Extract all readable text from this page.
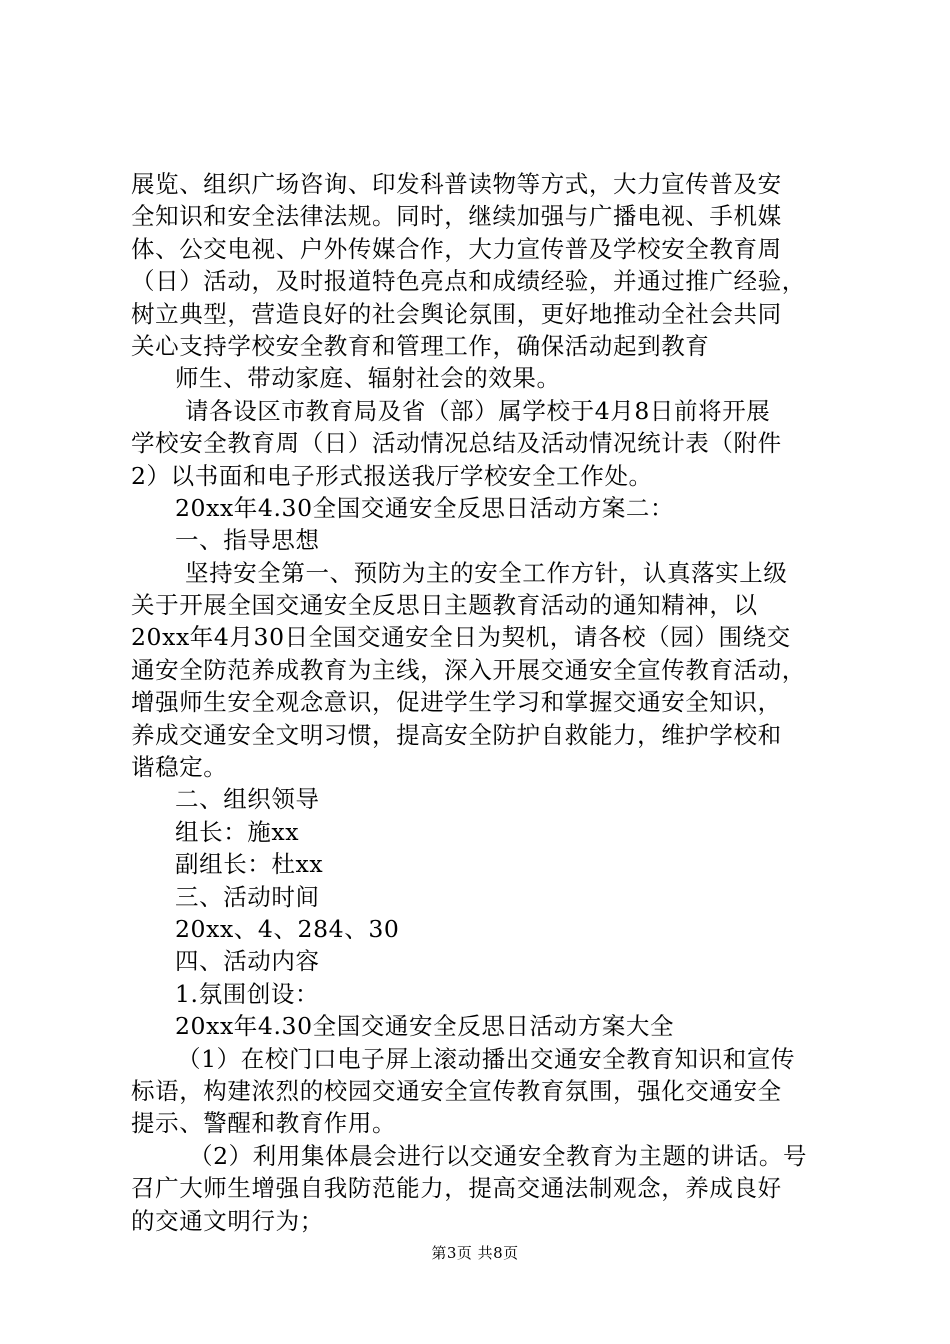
展览、组织广场咨询、印发科普读物等方式，大力宣传普及安
全知识和安全法律法规。同时，继续加强与广播电视、手机媒
体、公交电视、户外传媒合作，大力宣传普及学校安全教育周
（日）活动，及时报道特色亮点和成绩经验，并通过推广经验，
树立典型，营造良好的社会舆论氛围，更好地推动全社会共同
关心支持学校安全教育和管理工作，确保活动起到教育
师生、带动家庭、辐射社会的效果。
请各设区市教育局及省（部）属学校于4月8日前将开展
学校安全教育周（日）活动情况总结及活动情况统计表（附件
2）以书面和电子形式报送我厅学校安全工作处。
20xx年4.30全国交通安全反思日活动方案二：
一、指导思想
坚持安全第一、预防为主的安全工作方针，认真落实上级
关于开展全国交通安全反思日主题教育活动的通知精神，以
20xx年4月30日全国交通安全日为契机，请各校（园）围绕交
通安全防范养成教育为主线，深入开展交通安全宣传教育活动，
增强师生安全观念意识，促进学生学习和掌握交通安全知识，
养成交通安全文明习惯，提高安全防护自救能力，维护学校和
谐稳定。
二、组织领导
组长：施xx
副组长：杜xx
三、活动时间
20xx、4、284、30
四、活动内容
1.氛围创设：
20xx年4.30全国交通安全反思日活动方案大全
（1）在校门口电子屏上滚动播出交通安全教育知识和宣传
标语，构建浓烈的校园交通安全宣传教育氛围，强化交通安全
提示、警醒和教育作用。
（2）利用集体晨会进行以交通安全教育为主题的讲话。号
召广大师生增强自我防范能力，提高交通法制观念，养成良好
的交通文明行为；
第3页 共8页
